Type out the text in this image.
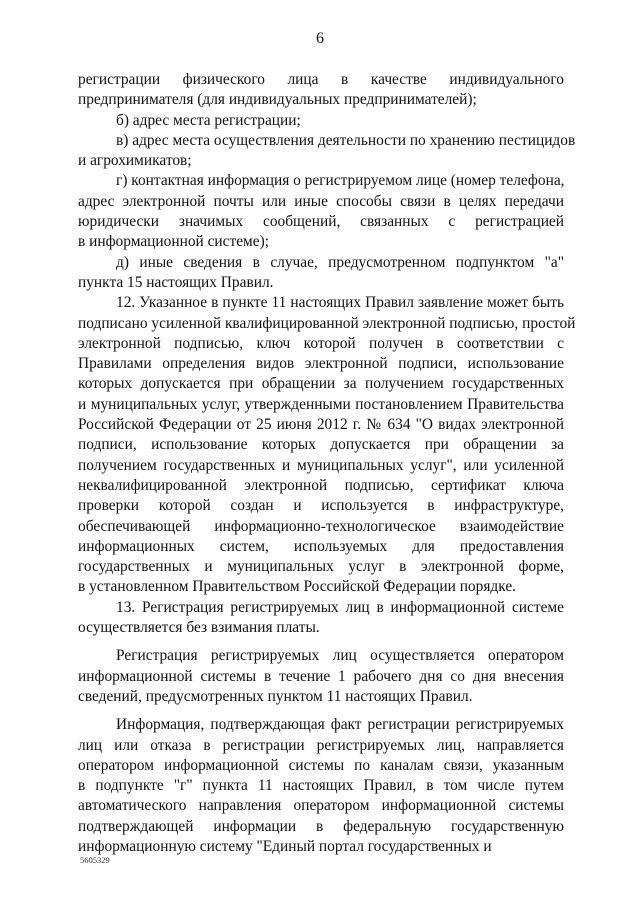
6
регистрации физического лица в качестве индивидуального
предпринимателя (для индивидуальных предпринимателей);
б) адрес места регистрации;
в) адрес места осуществления деятельности по хранению пестицидов
и агрохимикатов;
г) контактная информация о регистрируемом лице (номер телефона,
адрес электронной почты или иные способы связи в целях передачи
юридически значимых сообщений, связанных с регистрацией
в информационной системе);
д) иные сведения в случае, предусмотренном подпунктом "а"
пункта 15 настоящих Правил.
12. Указанное в пункте 11 настоящих Правил заявление может быть
подписано усиленной квалифицированной электронной подписью, простой
электронной подписью, ключ которой получен в соответствии с
Правилами определения видов электронной подписи, использование
которых допускается при обращении за получением государственных
и муниципальных услуг, утвержденными постановлением Правительства
Российской Федерации от 25 июня 2012 г. № 634 "О видах электронной
подписи, использование которых допускается при обращении за
получением государственных и муниципальных услуг", или усиленной
неквалифицированной электронной подписью, сертификат ключа
проверки которой создан и используется в инфраструктуре,
обеспечивающей информационно-технологическое взаимодействие
информационных систем, используемых для предоставления
государственных и муниципальных услуг в электронной форме,
в установленном Правительством Российской Федерации порядке.
13. Регистрация регистрируемых лиц в информационной системе
осуществляется без взимания платы.
Регистрация регистрируемых лиц осуществляется оператором
информационной системы в течение 1 рабочего дня со дня внесения
сведений, предусмотренных пунктом 11 настоящих Правил.
Информация, подтверждающая факт регистрации регистрируемых
лиц или отказа в регистрации регистрируемых лиц, направляется
оператором информационной системы по каналам связи, указанным
в подпункте "г" пункта 11 настоящих Правил, в том числе путем
автоматического направления оператором информационной системы
подтверждающей информации в федеральную государственную
информационную систему "Единый портал государственных и
5605329
